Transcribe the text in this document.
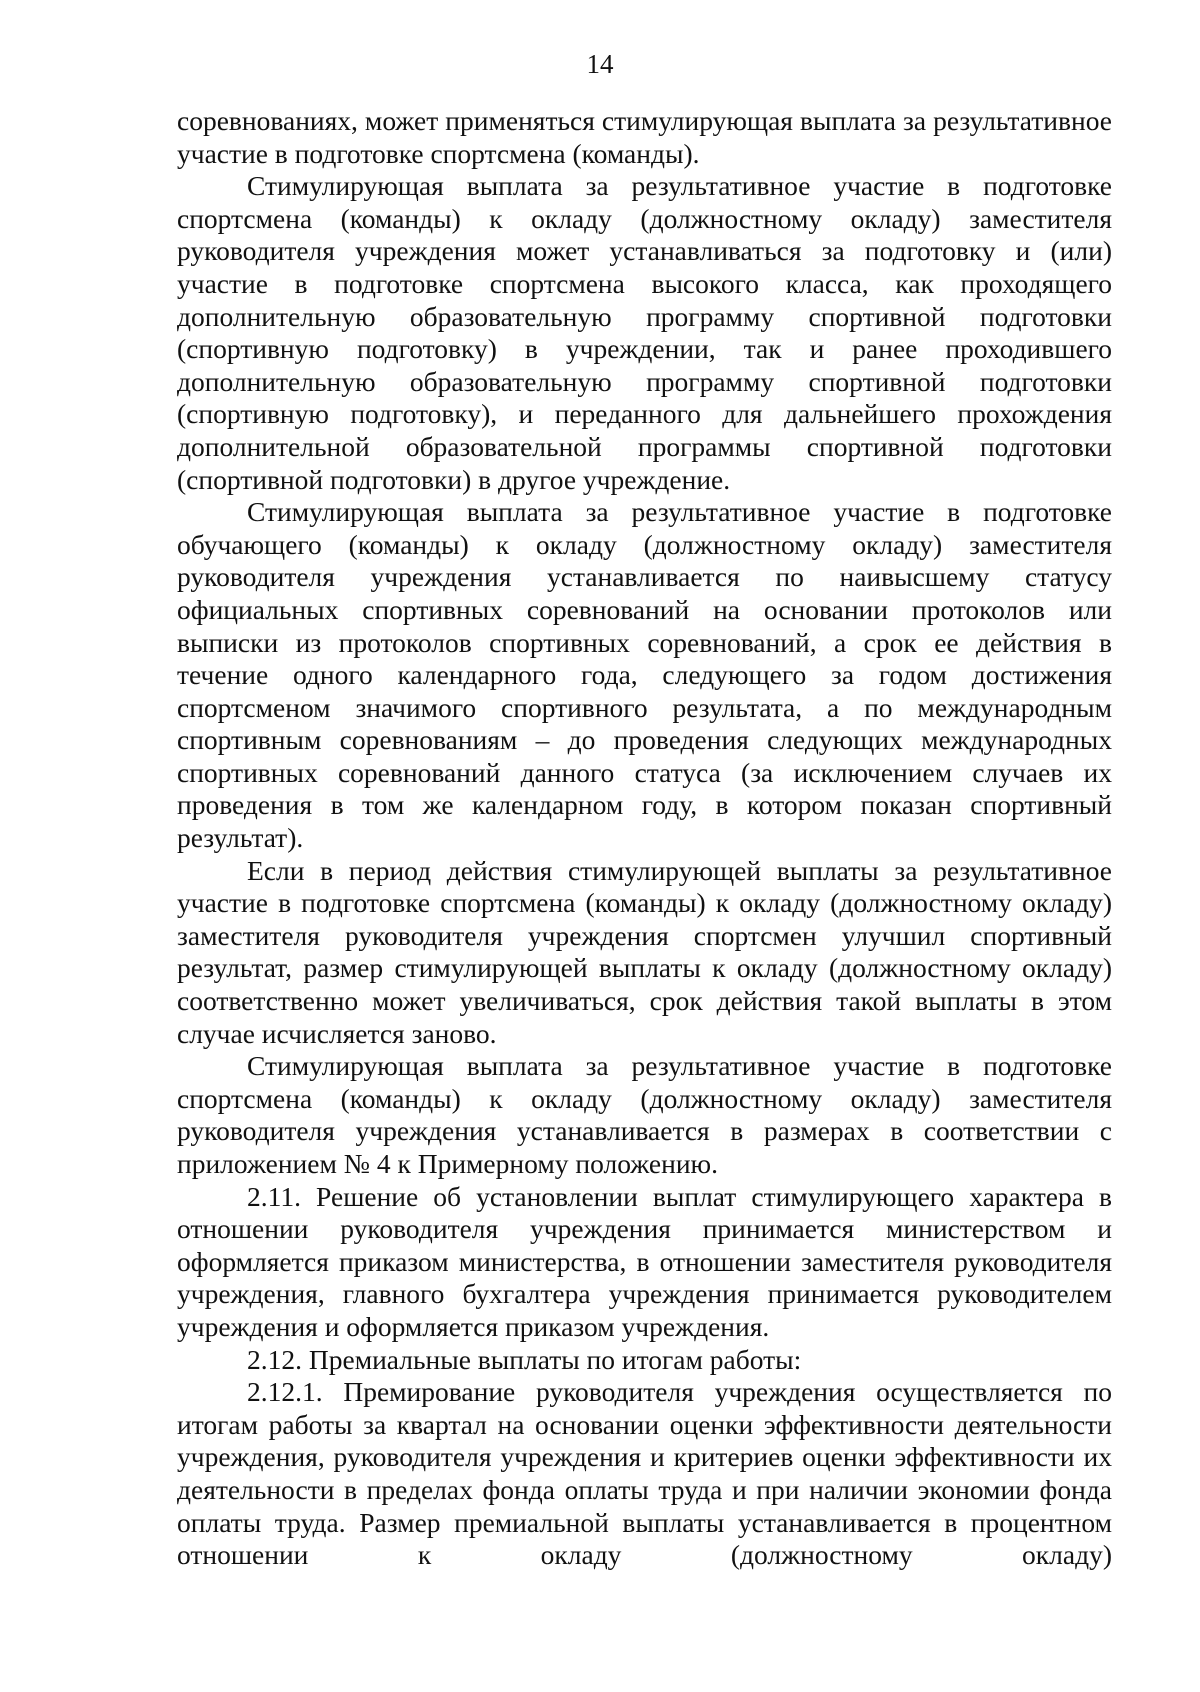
14

соревнованиях, может применяться стимулирующая выплата за результативное участие в подготовке спортсмена (команды).

Стимулирующая выплата за результативное участие в подготовке спортсмена (команды) к окладу (должностному окладу) заместителя руководителя учреждения может устанавливаться за подготовку и (или) участие в подготовке спортсмена высокого класса, как проходящего дополнительную образовательную программу спортивной подготовки (спортивную подготовку) в учреждении, так и ранее проходившего дополнительную образовательную программу спортивной подготовки (спортивную подготовку), и переданного для дальнейшего прохождения дополнительной образовательной программы спортивной подготовки (спортивной подготовки) в другое учреждение.

Стимулирующая выплата за результативное участие в подготовке обучающего (команды) к окладу (должностному окладу) заместителя руководителя учреждения устанавливается по наивысшему статусу официальных спортивных соревнований на основании протоколов или выписки из протоколов спортивных соревнований, а срок ее действия в течение одного календарного года, следующего за годом достижения спортсменом значимого спортивного результата, а по международным спортивным соревнованиям – до проведения следующих международных спортивных соревнований данного статуса (за исключением случаев их проведения в том же календарном году, в котором показан спортивный результат).

Если в период действия стимулирующей выплаты за результативное участие в подготовке спортсмена (команды) к окладу (должностному окладу) заместителя руководителя учреждения спортсмен улучшил спортивный результат, размер стимулирующей выплаты к окладу (должностному окладу) соответственно может увеличиваться, срок действия такой выплаты в этом случае исчисляется заново.

Стимулирующая выплата за результативное участие в подготовке спортсмена (команды) к окладу (должностному окладу) заместителя руководителя учреждения устанавливается в размерах в соответствии с приложением № 4 к Примерному положению.

2.11. Решение об установлении выплат стимулирующего характера в отношении руководителя учреждения принимается министерством и оформляется приказом министерства, в отношении заместителя руководителя учреждения, главного бухгалтера учреждения принимается руководителем учреждения и оформляется приказом учреждения.

2.12. Премиальные выплаты по итогам работы:

2.12.1. Премирование руководителя учреждения осуществляется по итогам работы за квартал на основании оценки эффективности деятельности учреждения, руководителя учреждения и критериев оценки эффективности их деятельности в пределах фонда оплаты труда и при наличии экономии фонда оплаты труда. Размер премиальной выплаты устанавливается в процентном отношении к окладу (должностному окладу)
